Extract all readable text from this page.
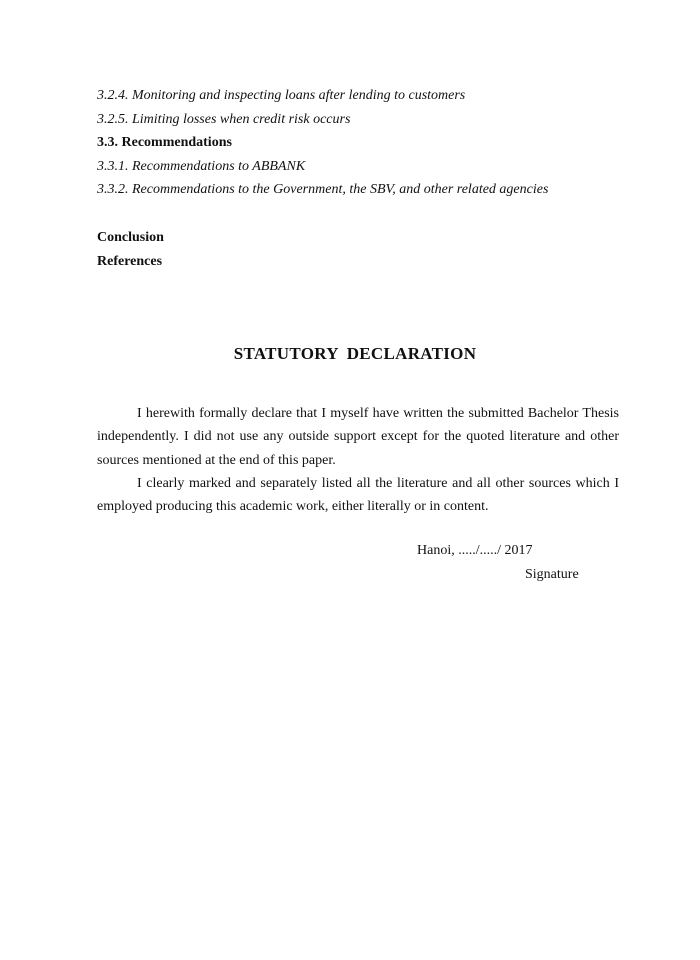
3.2.4. Monitoring and inspecting loans after lending to customers
3.2.5. Limiting losses when credit risk occurs
3.3. Recommendations
3.3.1. Recommendations to ABBANK
3.3.2. Recommendations to the Government, the SBV, and other related agencies
Conclusion
References
STATUTORY DECLARATION

I herewith formally declare that I myself have written the submitted Bachelor Thesis independently. I did not use any outside support except for the quoted literature and other sources mentioned at the end of this paper.

I clearly marked and separately listed all the literature and all other sources which I employed producing this academic work, either literally or in content.

Hanoi, ...../...../ 2017
Signature
